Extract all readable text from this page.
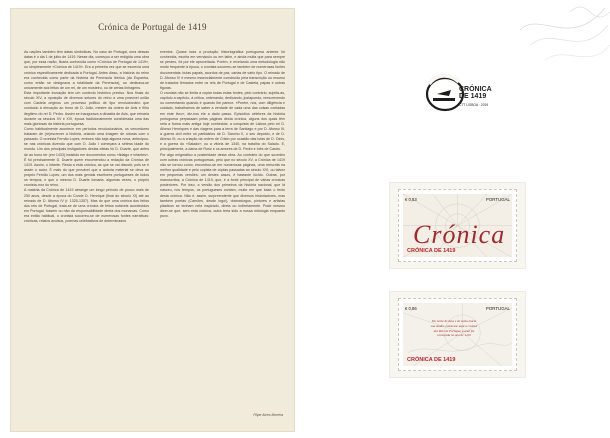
Crónica de Portugal de 1419

As nações também têm datas simbólicas. No caso de Portugal, uma dessas datas é o dia 1 de julho de 1419. Nesse dia, começou a ser redigida uma obra que, por essa razão, ficaria conhecida como «Crónica de Portugal de 1419», ou simplesmente «Crónica de 1419». Era a primeira vez que se escrevia uma crónica especificamente dedicada a Portugal. Antes disso, a história do reino era conhecida como parte da história da Península Ibérica (da Espanha, como então se designava a totalidade da Península), ou dedicava-se unicamente aos feitos de um rei, de um mosteiro, ou de certas linhagens.

Esta importante inovação tem um contexto histórico preciso. Nos finais do século XIV, a oposição de diversos setores do reino a uma possível união com Castela originou um processo político de tipo revolucionário que conduziu à elevação ao trono de D. João, mestre da ordem de Avis e filho ilegítimo do rei D. Pedro. Assim se inaugurava a dinastia de Avis, que reinaria durante os séculos XV e XVI, época tradicionalmente considerada uma das mais gloriosas da história portuguesa.

Como habitualmente acontece em períodos revolucionários, os vencedores trataram de (re)escrever a história, criando uma imagem de ruturas com o passado. O cronista Fernão Lopes, embora não seja alguma nova, antecipou-se nas crónicas dizendo que com D. João I começara a sétima idade do mundo. Um dos principais instigadores destas ideias foi D. Duarte, que antes de ao trono ter (em 1433) insistido em documentos como «fidalgo e infantes». É foi precisamente D. Duarte quem encomendou a redação da Crónica de 1419. Assim, o infante. Resta a esta crónica, as que se vai discutir, pois se é assim o autor. É mais do que provável que a autoria material se deva ao próprio Fernão Lopes, um dos mais geniais escritores portugueses de todos os tempos, e que o mesmo D. Duarte tomaria, algumas vezes, o próprio cronista-mor do reino.

A matéria da Crónica de 1419 abrange um longo período de pouco mais de 250 anos, desde a época do Conde D. Henrique (final do século XI) até ao reinado de D. Afonso IV (r. 1325-1357). Mas do que uma crónica dos feitos dos reis de Portugal, trata-se de uma crónica de feitos notáveis acontecidos em Portugal, fossem ou não da responsabilidade direta dos monarcas. Como era então habitual, o cronista socorreu-se de numerosas fontes narrativas: crónicas, relatos avulsos, poemas celebrativos de determinados

eventos. Quase toda a produção historiográfica portuguesa anterior foi conhecida, escrita em vernáculo ou em latim, e ainda muita que para sempre se perdeu, foi por ele aproveitada. Porém, e revelando uma metodologia não muito frequente à época, o cronista socorreu-se também de numerosas fontes documentais: bulas papais, acordos de paz, cartas de vário tipo. O reinado de D. Afonso IV é mesmo essencialmente construído pela transcrição ou resumo de tratados firmados entre os reis de Portugal e de Castela, papas e outras figuras.

O cronista não se limita a copiar todas estas fontes, pelo contrário, sujeita-as, capítulo a capítulo, à crítica, ordenando, dedicando, justapondo, reescrevendo ou comentando quando é quando lhe parece. «Porém, nós, com diligência e cuidado, trabalhamos de saber a verdade de cada uma das coisas contadas em este livro», diz-nos ele a dado passo. Episódios célebres da história portuguesa perpassam pelas páginas desta crónica, alguns dos quais têm nela a forma mais antiga hoje conhecida: a conquista de Lisboa pelo rei D. Afonso Henriques e das viagens para a terra de Santiago e por D. Afonso III, a guerra civil entre os partidários de D. Sancho II, o seu deposto, e de D. Afonso III; ou a criação da ordem de Cristo por ocasião das lutas de D. Dinis, e a guerra do «Salado»; ou a vitória de 1340, na batalha do Salado. E, principalmente, a dama de Roriz e os amores de D. Pedro e Inês de Castro.

Por algo enigmático a posteridade desta obra. Ao contrário do que sucedeu com outras crónicas portuguesas, pelo que no século XV, a Crónica de 1419 não se tornou como, encontrou-se em numerosas páginas, uma reescrita na melhor qualidade e pelo copista de cópias passadas ao século XVI, ou talvez em pequenas versões; um destes casos, é bastante lúcido. Outras, por manuscritos, a Crónica de 1419, que, é a fonte principal de várias crónicas posteriores. Por isso, a versão dos primeiros da história nacional, que lá nasceu, nos tempos, os portugueses contam, muito em que base o texto desta crónica. Não é, assim, surpreendente que diversos historiadores, mas também poetas (Camões, desde logo!), dramaturgos, pintores e artistas plásticos se tenham nela inspirado, direta ou indiretamente. Pode mesmo dizer-se que, sem esta crónica, outra teria sido a nossa mitologia enquanto povo.

Filipe Alves Moreira
CRÓNICA
DE 1419
CTT LISBOA · 2019
€ 0,53	PORTUGAL
Crónica
CRÓNICA DE 1419
€ 0,86	PORTUGAL

Em nome de deus e de santa maria

sua madre, comecase aqui a cronica

dos Reis de Portugal, a qual foi

começada no ano de 1419

CRÓNICA DE 1419
